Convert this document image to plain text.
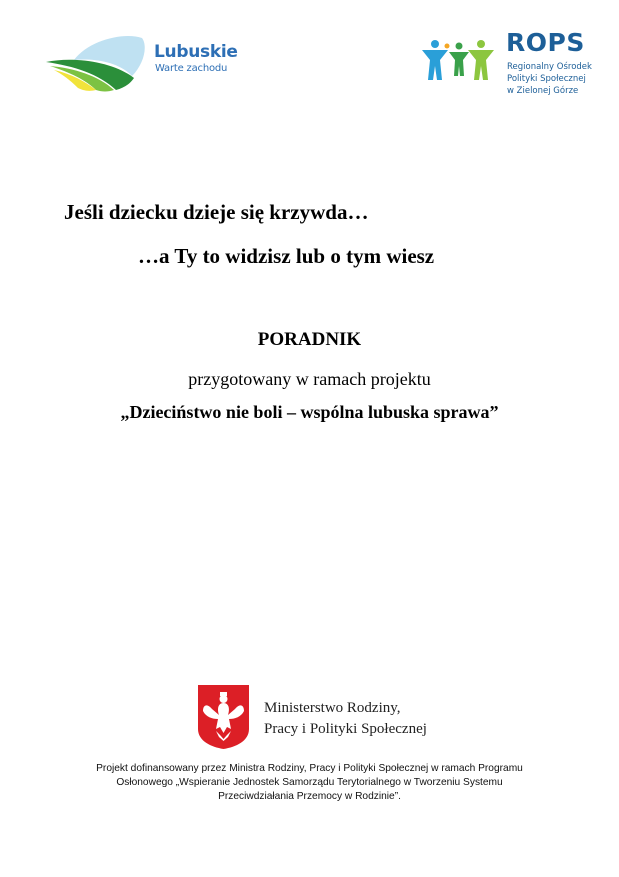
Lubuskie
Warte zachodu
ROPS
Regionalny Ośrodek
Polityki Społecznej
w Zielonej Górze
Jeśli dziecku dzieje się krzywda…
…a Ty to widzisz lub o tym wiesz
PORADNIK
przygotowany w ramach projektu
„Dzieciństwo nie boli – wspólna lubuska sprawa”
Ministerstwo Rodziny,
Pracy i Polityki Społecznej
Projekt dofinansowany przez Ministra Rodziny, Pracy i Polityki Społecznej w ramach Programu
Osłonowego „Wspieranie Jednostek Samorządu Terytorialnego w Tworzeniu Systemu
Przeciwdziałania Przemocy w Rodzinie”.
